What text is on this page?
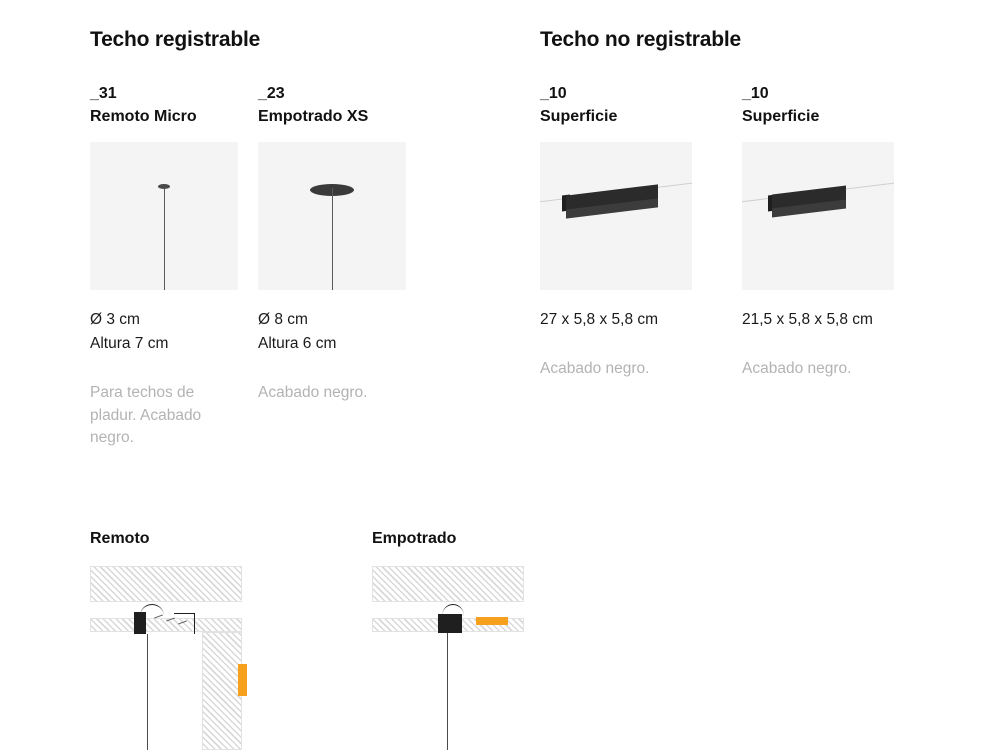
Techo registrable	Techo no registrable
_31
Remoto Micro
Ø 3 cm
Altura 7 cm
Para techos de pladur. Acabado negro.
_23
Empotrado XS
Ø 8 cm
Altura 6 cm
Acabado negro.
_10
Superficie
27 x 5,8 x 5,8 cm
Acabado negro.
_10
Superficie
21,5 x 5,8 x 5,8 cm
Acabado negro.
Remoto	Empotrado
